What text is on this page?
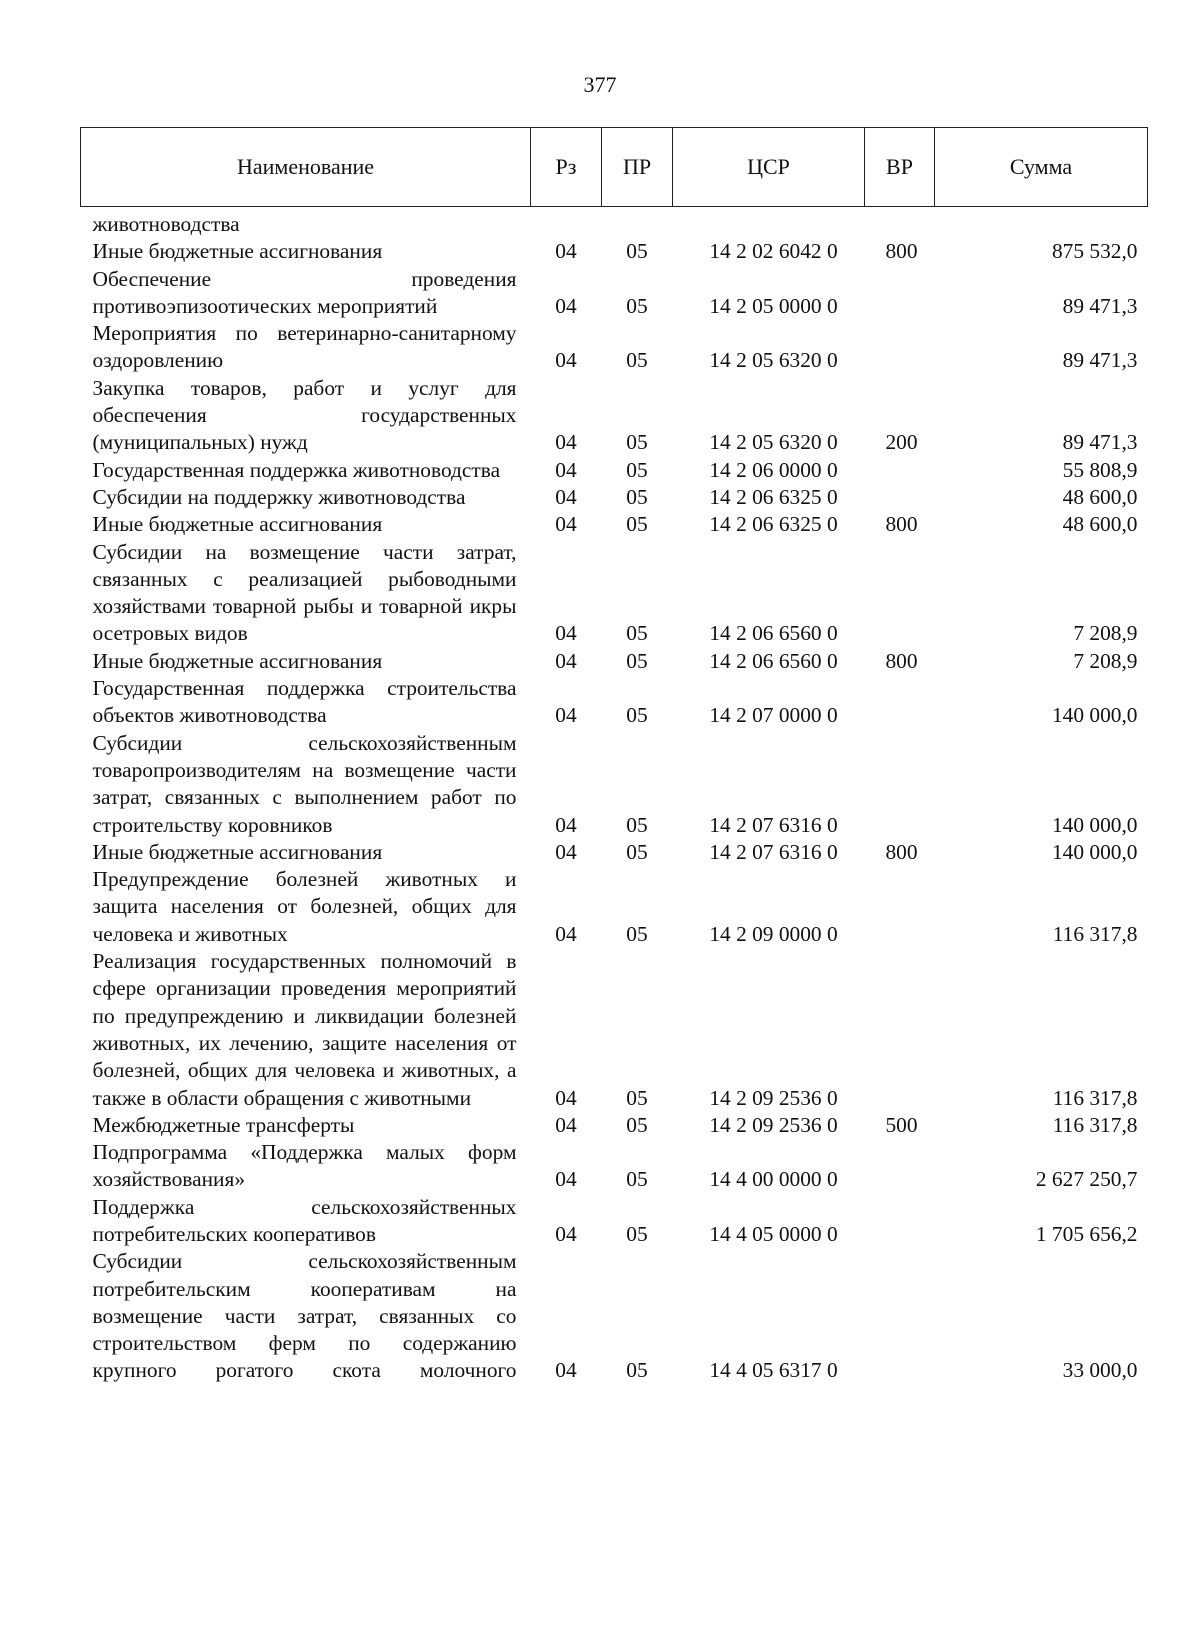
377
Наименование	Рз	ПР	ЦСР	ВР	Сумма
животноводства					
Иные бюджетные ассигнования	04	05	14 2 02 6042 0	800	875 532,0
Обеспечение проведения противоэпизоотических мероприятий	04	05	14 2 05 0000 0		89 471,3
Мероприятия по ветеринарно-санитарному оздоровлению	04	05	14 2 05 6320 0		89 471,3
Закупка товаров, работ и услуг для обеспечения государственных (муниципальных) нужд	04	05	14 2 05 6320 0	200	89 471,3
Государственная поддержка животноводства	04	05	14 2 06 0000 0		55 808,9
Субсидии на поддержку животноводства	04	05	14 2 06 6325 0		48 600,0
Иные бюджетные ассигнования	04	05	14 2 06 6325 0	800	48 600,0
Субсидии на возмещение части затрат, связанных с реализацией рыбоводными хозяйствами товарной рыбы и товарной икры осетровых видов	04	05	14 2 06 6560 0		7 208,9
Иные бюджетные ассигнования	04	05	14 2 06 6560 0	800	7 208,9
Государственная поддержка строительства объектов животноводства	04	05	14 2 07 0000 0		140 000,0
Субсидии сельскохозяйственным товаропроизводителям на возмещение части затрат, связанных с выполнением работ по строительству коровников	04	05	14 2 07 6316 0		140 000,0
Иные бюджетные ассигнования	04	05	14 2 07 6316 0	800	140 000,0
Предупреждение болезней животных и защита населения от болезней, общих для человека и животных	04	05	14 2 09 0000 0		116 317,8
Реализация государственных полномочий в сфере организации проведения мероприятий по предупреждению и ликвидации болезней животных, их лечению, защите населения от болезней, общих для человека и животных, а также в области обращения с животными	04	05	14 2 09 2536 0		116 317,8
Межбюджетные трансферты	04	05	14 2 09 2536 0	500	116 317,8
Подпрограмма «Поддержка малых форм хозяйствования»	04	05	14 4 00 0000 0		2 627 250,7
Поддержка сельскохозяйственных потребительских кооперативов	04	05	14 4 05 0000 0		1 705 656,2
Субсидии сельскохозяйственным потребительским кооперативам на возмещение части затрат, связанных со строительством ферм по содержанию крупного рогатого скота молочного	04	05	14 4 05 6317 0		33 000,0
